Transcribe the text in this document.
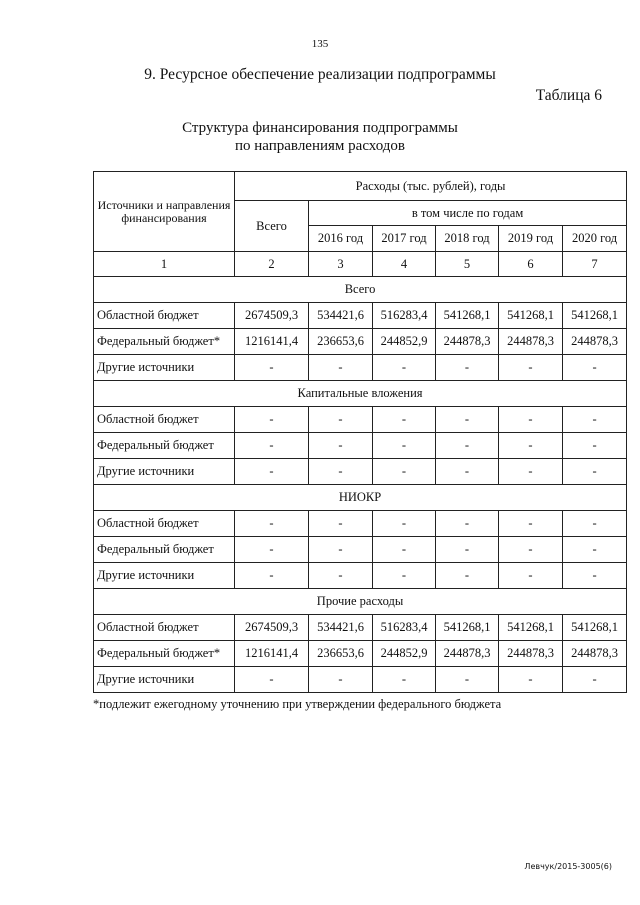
135
9. Ресурсное обеспечение реализации подпрограммы
Таблица 6
Структура финансирования подпрограммы
по направлениям расходов
Источники и направления финансирования	Расходы (тыс. рублей), годы					
	Всего	в том числе по годам				
		2016 год	2017 год	2018 год	2019 год	2020 год
1	2	3	4	5	6	7
Всего						
Областной бюджет	2674509,3	534421,6	516283,4	541268,1	541268,1	541268,1
Федеральный бюджет*	1216141,4	236653,6	244852,9	244878,3	244878,3	244878,3
Другие источники	-	-	-	-	-	-
Капитальные вложения						
Областной бюджет	-	-	-	-	-	-
Федеральный бюджет	-	-	-	-	-	-
Другие источники	-	-	-	-	-	-
НИОКР						
Областной бюджет	-	-	-	-	-	-
Федеральный бюджет	-	-	-	-	-	-
Другие источники	-	-	-	-	-	-
Прочие расходы						
Областной бюджет	2674509,3	534421,6	516283,4	541268,1	541268,1	541268,1
Федеральный бюджет*	1216141,4	236653,6	244852,9	244878,3	244878,3	244878,3
Другие источники	-	-	-	-	-	-
*подлежит ежегодному уточнению при утверждении федерального бюджета
Левчук/2015-3005(6)
